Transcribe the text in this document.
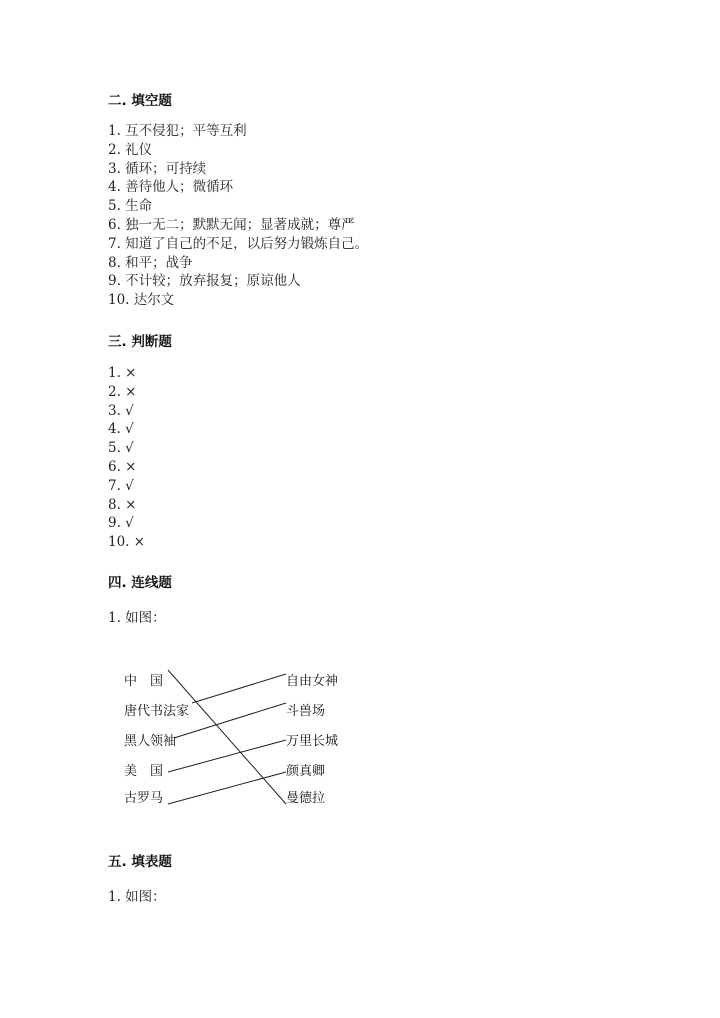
二. 填空题
1. 互不侵犯；平等互利
2. 礼仪
3. 循环；可持续
4. 善待他人；微循环
5. 生命
6. 独一无二；默默无闻；显著成就；尊严
7. 知道了自己的不足，以后努力锻炼自己。
8. 和平；战争
9. 不计较；放弃报复；原谅他人
10. 达尔文
三. 判断题
1. ×
2. ×
3. √
4. √
5. √
6. ×
7. √
8. ×
9. √
10. ×
四. 连线题
1. 如图：
中　国
唐代书法家
黑人领袖
美　国
古罗马
自由女神
斗兽场
万里长城
颜真卿
曼德拉
五. 填表题
1. 如图：
